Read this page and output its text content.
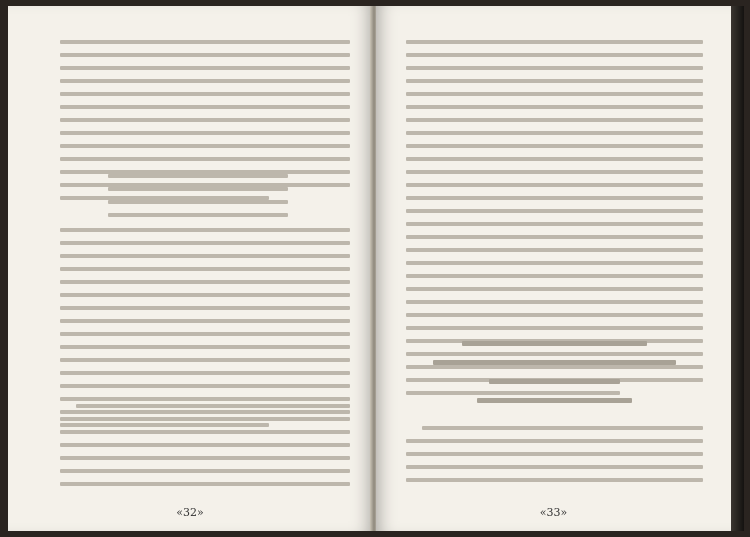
«32»	«33»
